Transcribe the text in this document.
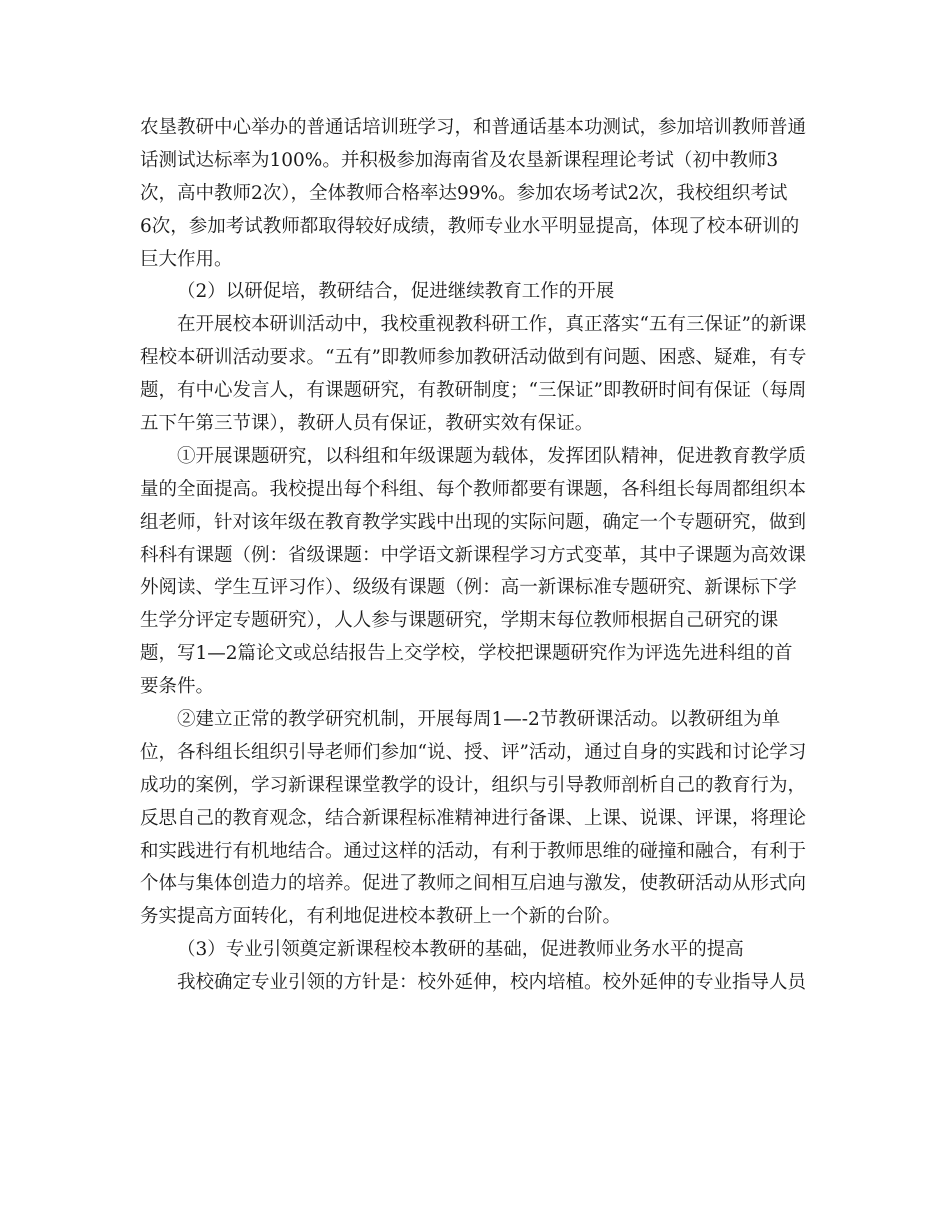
农垦教研中心举办的普通话培训班学习，和普通话基本功测试，参加培训教师普通
话测试达标率为100%。并积极参加海南省及农垦新课程理论考试（初中教师3
次，高中教师2次），全体教师合格率达99%。参加农场考试2次，我校组织考试
6次，参加考试教师都取得较好成绩，教师专业水平明显提高，体现了校本研训的
巨大作用。
（2）以研促培，教研结合，促进继续教育工作的开展
在开展校本研训活动中，我校重视教科研工作，真正落实“五有三保证”的新课
程校本研训活动要求。“五有”即教师参加教研活动做到有问题、困惑、疑难，有专
题，有中心发言人，有课题研究，有教研制度；“三保证”即教研时间有保证（每周
五下午第三节课），教研人员有保证，教研实效有保证。
①开展课题研究，以科组和年级课题为载体，发挥团队精神，促进教育教学质
量的全面提高。我校提出每个科组、每个教师都要有课题，各科组长每周都组织本
组老师，针对该年级在教育教学实践中出现的实际问题，确定一个专题研究，做到
科科有课题（例：省级课题：中学语文新课程学习方式变革，其中子课题为高效课
外阅读、学生互评习作）、级级有课题（例：高一新课标准专题研究、新课标下学
生学分评定专题研究），人人参与课题研究，学期末每位教师根据自己研究的课
题，写1—2篇论文或总结报告上交学校，学校把课题研究作为评选先进科组的首
要条件。
②建立正常的教学研究机制，开展每周1—-2节教研课活动。以教研组为单
位，各科组长组织引导老师们参加“说、授、评”活动，通过自身的实践和讨论学习
成功的案例，学习新课程课堂教学的设计，组织与引导教师剖析自己的教育行为，
反思自己的教育观念，结合新课程标准精神进行备课、上课、说课、评课，将理论
和实践进行有机地结合。通过这样的活动，有利于教师思维的碰撞和融合，有利于
个体与集体创造力的培养。促进了教师之间相互启迪与激发，使教研活动从形式向
务实提高方面转化，有利地促进校本教研上一个新的台阶。
（3）专业引领奠定新课程校本教研的基础，促进教师业务水平的提高
我校确定专业引领的方针是：校外延伸，校内培植。校外延伸的专业指导人员
